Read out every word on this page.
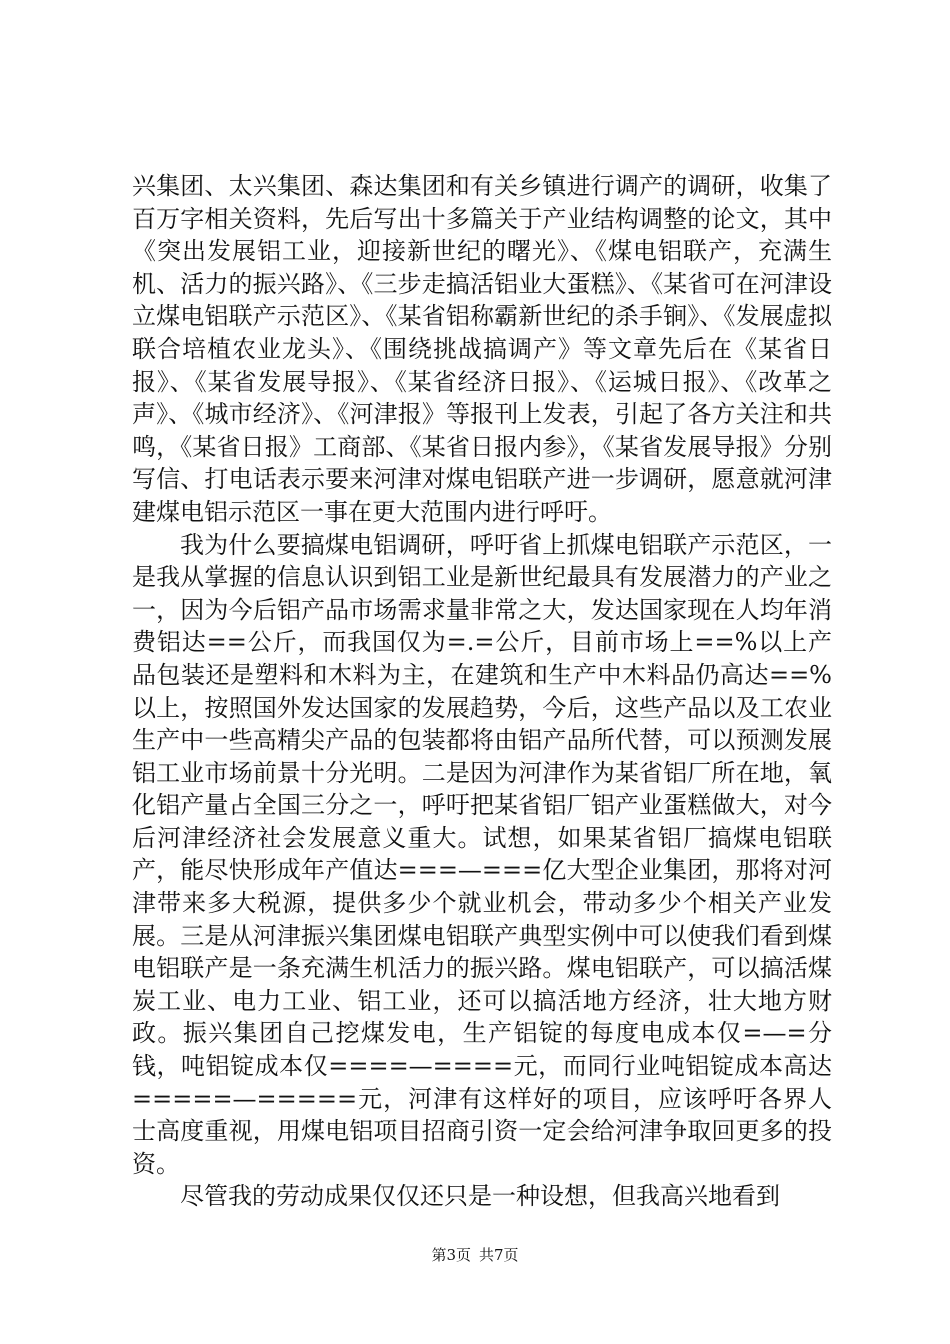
兴集团、太兴集团、森达集团和有关乡镇进行调产的调研，收集了百万字相关资料，先后写出十多篇关于产业结构调整的论文，其中《突出发展铝工业，迎接新世纪的曙光》、《煤电铝联产，充满生机、活力的振兴路》、《三步走搞活铝业大蛋糕》、《某省可在河津设立煤电铝联产示范区》、《某省铝称霸新世纪的杀手锏》、《发展虚拟联合培植农业龙头》、《围绕挑战搞调产》等文章先后在《某省日报》、《某省发展导报》、《某省经济日报》、《运城日报》、《改革之声》、《城市经济》、《河津报》等报刊上发表，引起了各方关注和共鸣，《某省日报》工商部、《某省日报内参》，《某省发展导报》分别写信、打电话表示要来河津对煤电铝联产进一步调研，愿意就河津建煤电铝示范区一事在更大范围内进行呼吁。

我为什么要搞煤电铝调研，呼吁省上抓煤电铝联产示范区，一是我从掌握的信息认识到铝工业是新世纪最具有发展潜力的产业之一，因为今后铝产品市场需求量非常之大，发达国家现在人均年消费铝达==公斤，而我国仅为=.=公斤，目前市场上==%以上产品包装还是塑料和木料为主，在建筑和生产中木料品仍高达==%以上，按照国外发达国家的发展趋势，今后，这些产品以及工农业生产中一些高精尖产品的包装都将由铝产品所代替，可以预测发展铝工业市场前景十分光明。二是因为河津作为某省铝厂所在地，氧化铝产量占全国三分之一，呼吁把某省铝厂铝产业蛋糕做大，对今后河津经济社会发展意义重大。试想，如果某省铝厂搞煤电铝联产，能尽快形成年产值达===—===亿大型企业集团，那将对河津带来多大税源，提供多少个就业机会，带动多少个相关产业发展。三是从河津振兴集团煤电铝联产典型实例中可以使我们看到煤电铝联产是一条充满生机活力的振兴路。煤电铝联产，可以搞活煤炭工业、电力工业、铝工业，还可以搞活地方经济，壮大地方财政。振兴集团自己挖煤发电，生产铝锭的每度电成本仅=—=分钱，吨铝锭成本仅====—====元，而同行业吨铝锭成本高达=====—=====元，河津有这样好的项目，应该呼吁各界人士高度重视，用煤电铝项目招商引资一定会给河津争取回更多的投资。

尽管我的劳动成果仅仅还只是一种设想，但我高兴地看到

第3页 共7页
